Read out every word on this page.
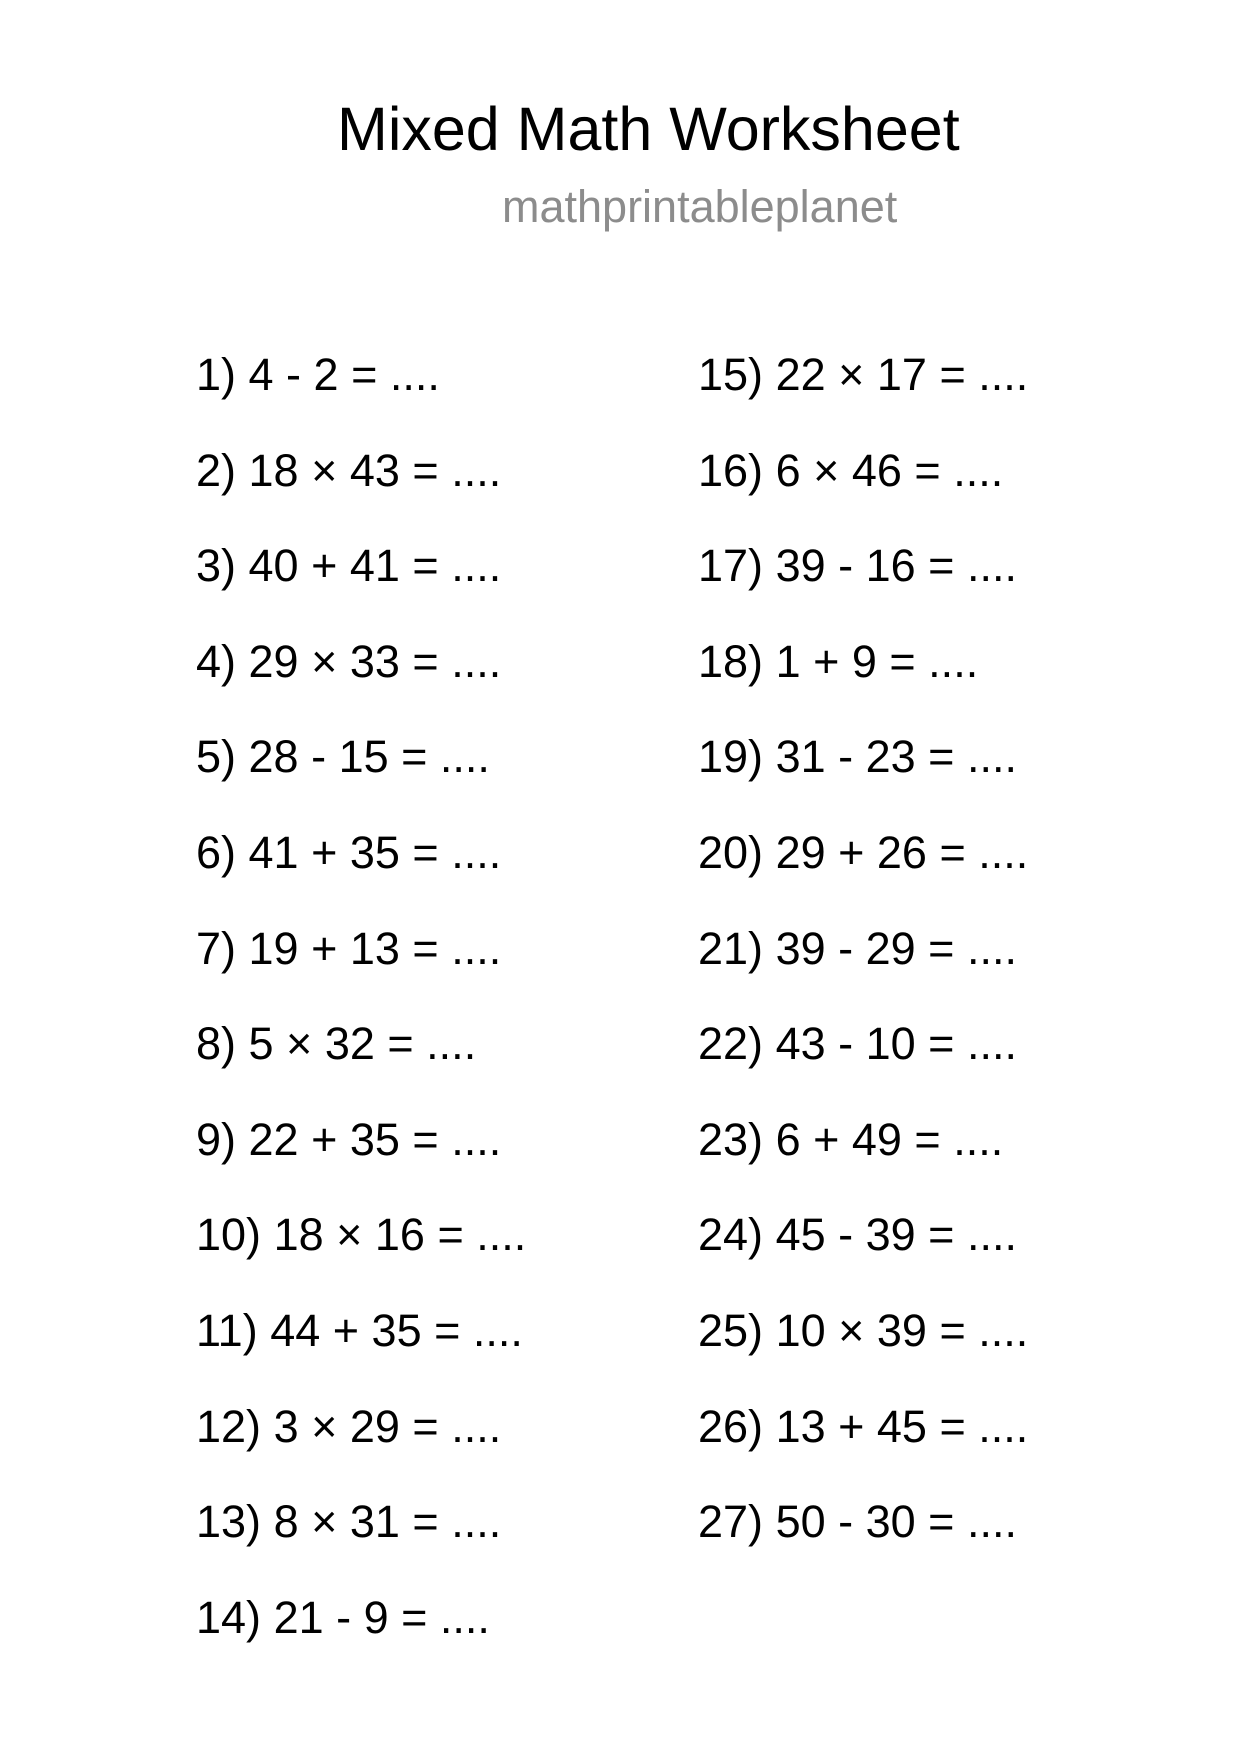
Mixed Math Worksheet
mathprintableplanet
1) 4 - 2 = ....
2) 18 × 43 = ....
3) 40 + 41 = ....
4) 29 × 33 = ....
5) 28 - 15 = ....
6) 41 + 35 = ....
7) 19 + 13 = ....
8) 5 × 32 = ....
9) 22 + 35 = ....
10) 18 × 16 = ....
11) 44 + 35 = ....
12) 3 × 29 = ....
13) 8 × 31 = ....
14) 21 - 9 = ....
15) 22 × 17 = ....
16) 6 × 46 = ....
17) 39 - 16 = ....
18) 1 + 9 = ....
19) 31 - 23 = ....
20) 29 + 26 = ....
21) 39 - 29 = ....
22) 43 - 10 = ....
23) 6 + 49 = ....
24) 45 - 39 = ....
25) 10 × 39 = ....
26) 13 + 45 = ....
27) 50 - 30 = ....
